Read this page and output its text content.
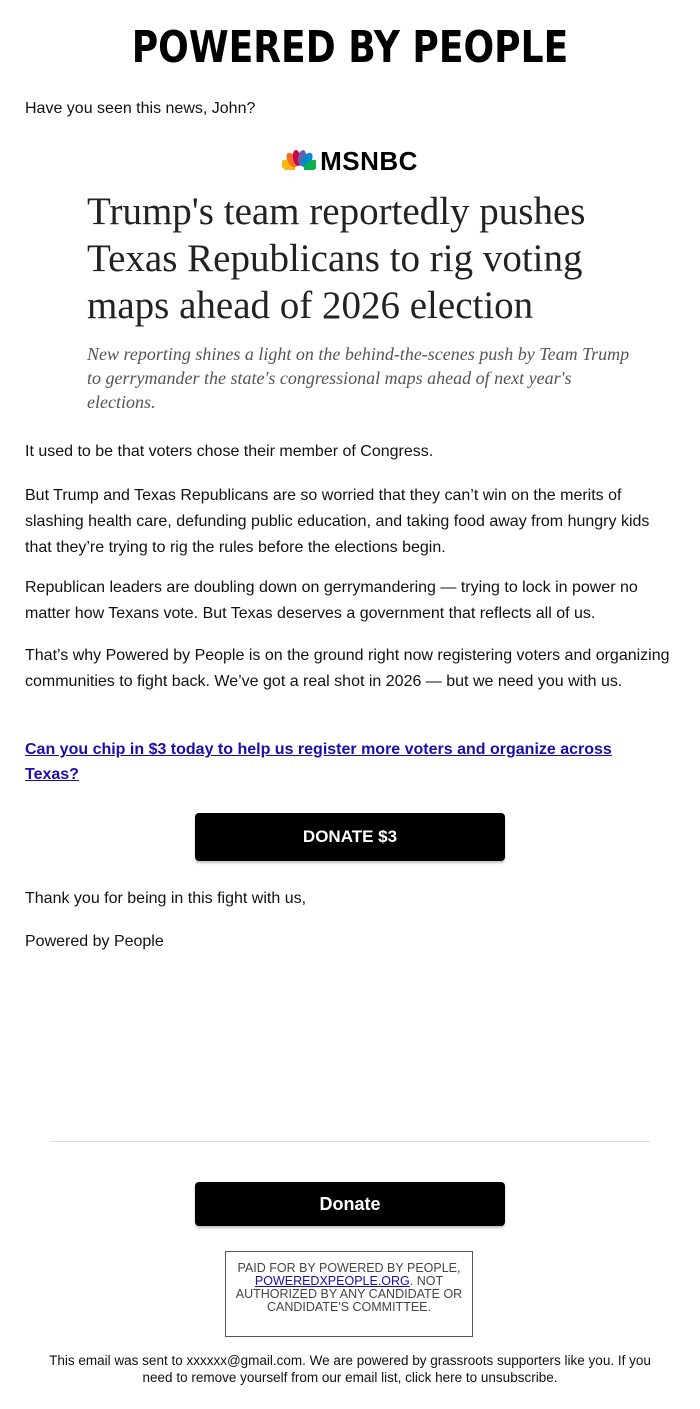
POWERED BY PEOPLE
Have you seen this news, John?
MSNBC
Trump's team reportedly pushes Texas Republicans to rig voting maps ahead of 2026 election

New reporting shines a light on the behind-the-scenes push by Team Trump to gerrymander the state's congressional maps ahead of next year's elections.

It used to be that voters chose their member of Congress.

But Trump and Texas Republicans are so worried that they can’t win on the merits of slashing health care, defunding public education, and taking food away from hungry kids that they’re trying to rig the rules before the elections begin.

Republican leaders are doubling down on gerrymandering — trying to lock in power no matter how Texans vote. But Texas deserves a government that reflects all of us.

That’s why Powered by People is on the ground right now registering voters and organizing communities to fight back. We’ve got a real shot in 2026 — but we need you with us.

Can you chip in $3 today to help us register more voters and organize across Texas?

DONATE $3

Thank you for being in this fight with us,

Powered by People

Donate
PAID FOR BY POWERED BY PEOPLE, POWEREDXPEOPLE.ORG. NOT AUTHORIZED BY ANY CANDIDATE OR CANDIDATE'S COMMITTEE.
This email was sent to xxxxxx@gmail.com. We are powered by grassroots supporters like you. If you need to remove yourself from our email list, click here to unsubscribe.
